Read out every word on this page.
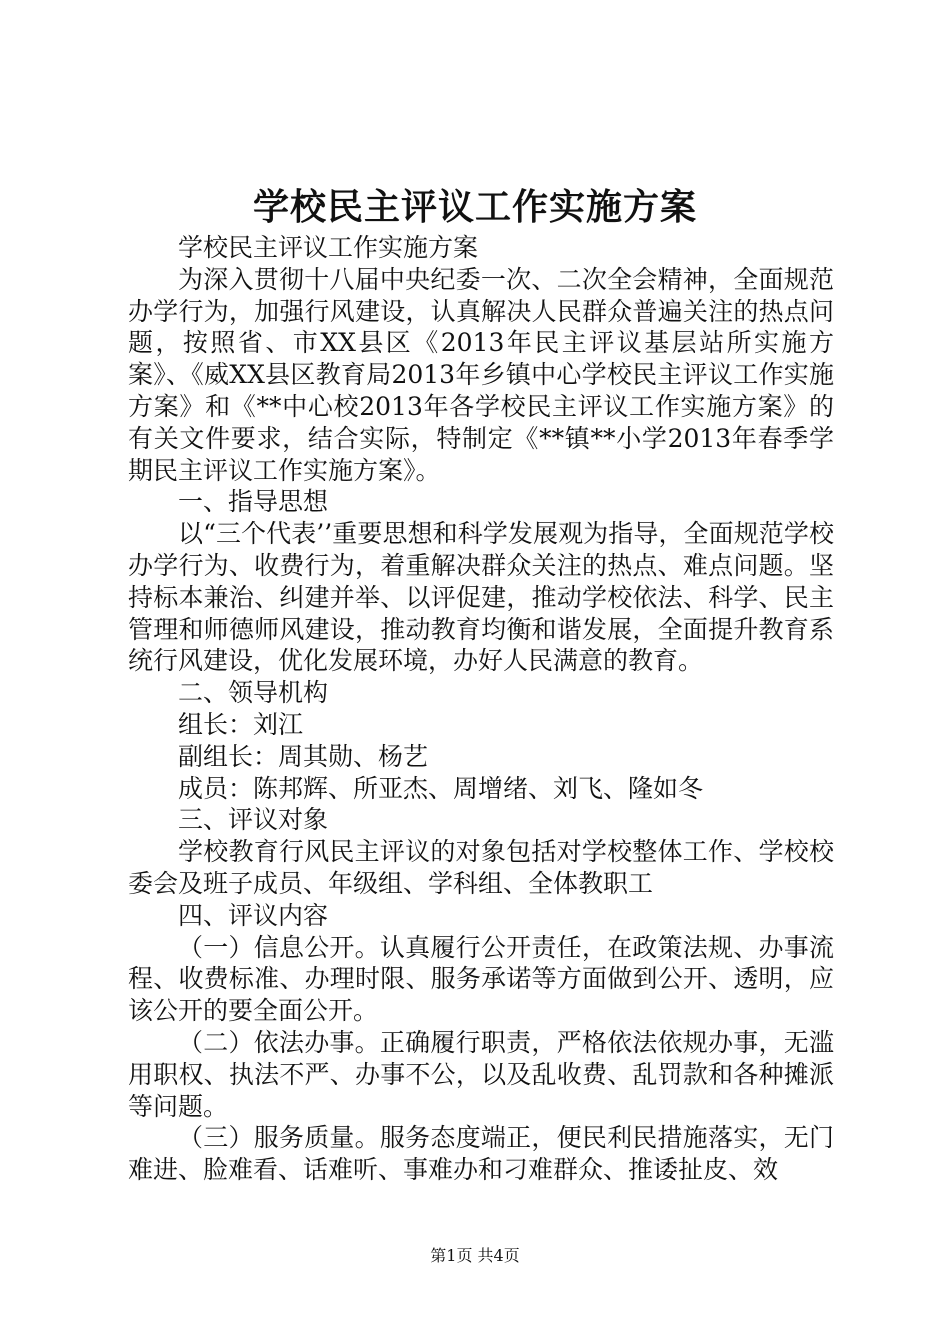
学校民主评议工作实施方案

学校民主评议工作实施方案

为深入贯彻十八届中央纪委一次、二次全会精神，全面规范办学行为，加强行风建设，认真解决人民群众普遍关注的热点问题，按照省、市XX县区《2013年民主评议基层站所实施方案》、《威XX县区教育局2013年乡镇中心学校民主评议工作实施方案》和《**中心校2013年各学校民主评议工作实施方案》的有关文件要求，结合实际，特制定《**镇**小学2013年春季学期民主评议工作实施方案》。

一、指导思想

以“三个代表’’重要思想和科学发展观为指导，全面规范学校办学行为、收费行为，着重解决群众关注的热点、难点问题。坚持标本兼治、纠建并举、以评促建，推动学校依法、科学、民主管理和师德师风建设，推动教育均衡和谐发展，全面提升教育系统行风建设，优化发展环境，办好人民满意的教育。

二、领导机构

组长：刘江

副组长：周其勋、杨艺

成员：陈邦辉、所亚杰、周增绪、刘飞、隆如冬

三、评议对象

学校教育行风民主评议的对象包括对学校整体工作、学校校委会及班子成员、年级组、学科组、全体教职工

四、评议内容

（一）信息公开。认真履行公开责任，在政策法规、办事流程、收费标准、办理时限、服务承诺等方面做到公开、透明，应该公开的要全面公开。

（二）依法办事。正确履行职责，严格依法依规办事，无滥用职权、执法不严、办事不公，以及乱收费、乱罚款和各种摊派等问题。

（三）服务质量。服务态度端正，便民利民措施落实，无门难进、脸难看、话难听、事难办和刁难群众、推诿扯皮、效

第1页 共4页
